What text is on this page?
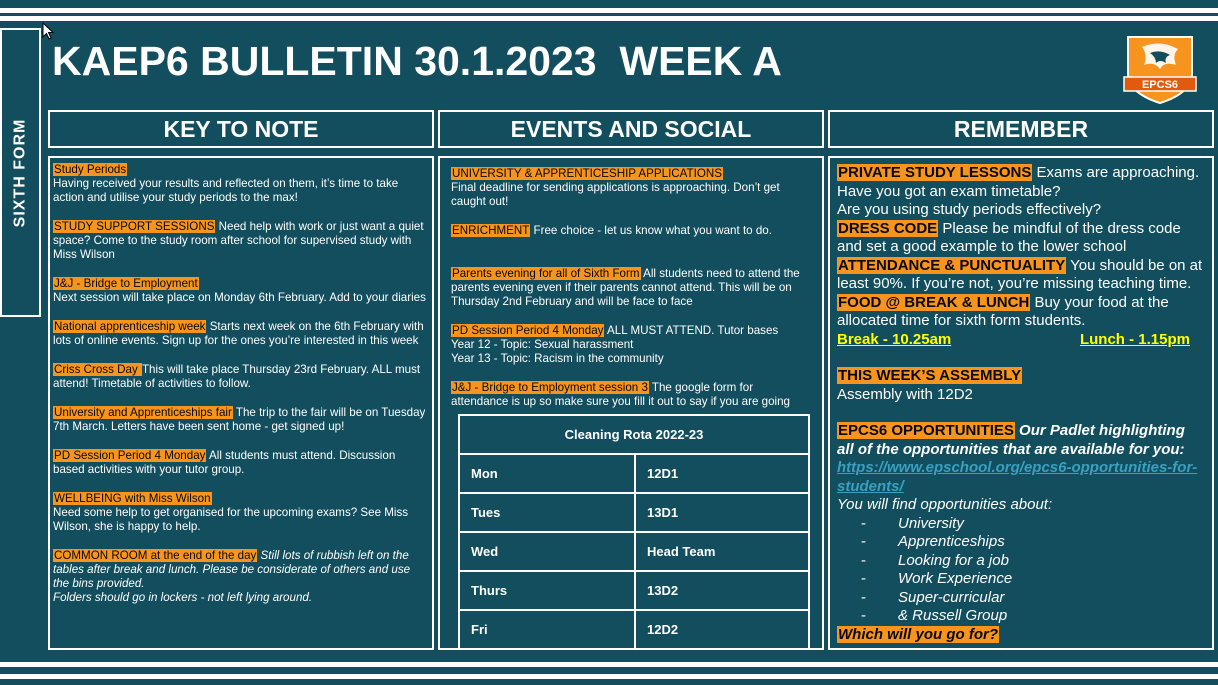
SIXTH FORM
KAEP6 BULLETIN 30.1.2023  WEEK A
EPCS6
KEY TO NOTE	EVENTS AND SOCIAL	REMEMBER
Study Periods
Having received your results and reflected on them, it’s time to take action and utilise your study periods to the max!
STUDY SUPPORT SESSIONS Need help with work or just want a quiet space? Come to the study room after school for supervised study with Miss Wilson
J&J - Bridge to Employment
Next session will take place on Monday 6th February. Add to your diaries
National apprenticeship week Starts next week on the 6th February with lots of online events. Sign up for the ones you’re interested in this week
Criss Cross Day This will take place Thursday 23rd February. ALL must attend! Timetable of activities to follow.
University and Apprenticeships fair The trip to the fair will be on Tuesday 7th March. Letters have been sent home - get signed up!
PD Session Period 4 Monday All students must attend. Discussion based activities with your tutor group.
WELLBEING with Miss Wilson
Need some help to get organised for the upcoming exams? See Miss Wilson, she is happy to help.
COMMON ROOM at the end of the day Still lots of rubbish left on the tables after break and lunch. Please be considerate of others and use the bins provided.
Folders should go in lockers - not left lying around.
UNIVERSITY & APPRENTICESHIP APPLICATIONS
Final deadline for sending applications is approaching. Don’t get caught out!
ENRICHMENT Free choice - let us know what you want to do.
Parents evening for all of Sixth Form All students need to attend the parents evening even if their parents cannot attend. This will be on Thursday 2nd February and will be face to face
PD Session Period 4 Monday ALL MUST ATTEND. Tutor bases
Year 12 - Topic: Sexual harassment
Year 13 - Topic: Racism in the community
J&J - Bridge to Employment session 3 The google form for attendance is up so make sure you fill it out to say if you are going
Cleaning Rota 2022-23	
Mon	12D1
Tues	13D1
Wed	Head Team
Thurs	13D2
Fri	12D2
PRIVATE STUDY LESSONS Exams are approaching. Have you got an exam timetable?
Are you using study periods effectively?
DRESS CODE Please be mindful of the dress code and set a good example to the lower school
ATTENDANCE & PUNCTUALITY You should be on at least 90%. If you’re not, you’re missing teaching time.
FOOD @ BREAK & LUNCH Buy your food at the allocated time for sixth form students.
Break - 10.25am	Lunch - 1.15pm
THIS WEEK’S ASSEMBLY
Assembly with 12D2
EPCS6 OPPORTUNITIES Our Padlet highlighting all of the opportunities that are available for you:
https://www.epschool.org/epcs6-opportunities-for-students/
You will find opportunities about:
- University
- Apprenticeships
- Looking for a job
- Work Experience
- Super-curricular
- & Russell Group
Which will you go for?
